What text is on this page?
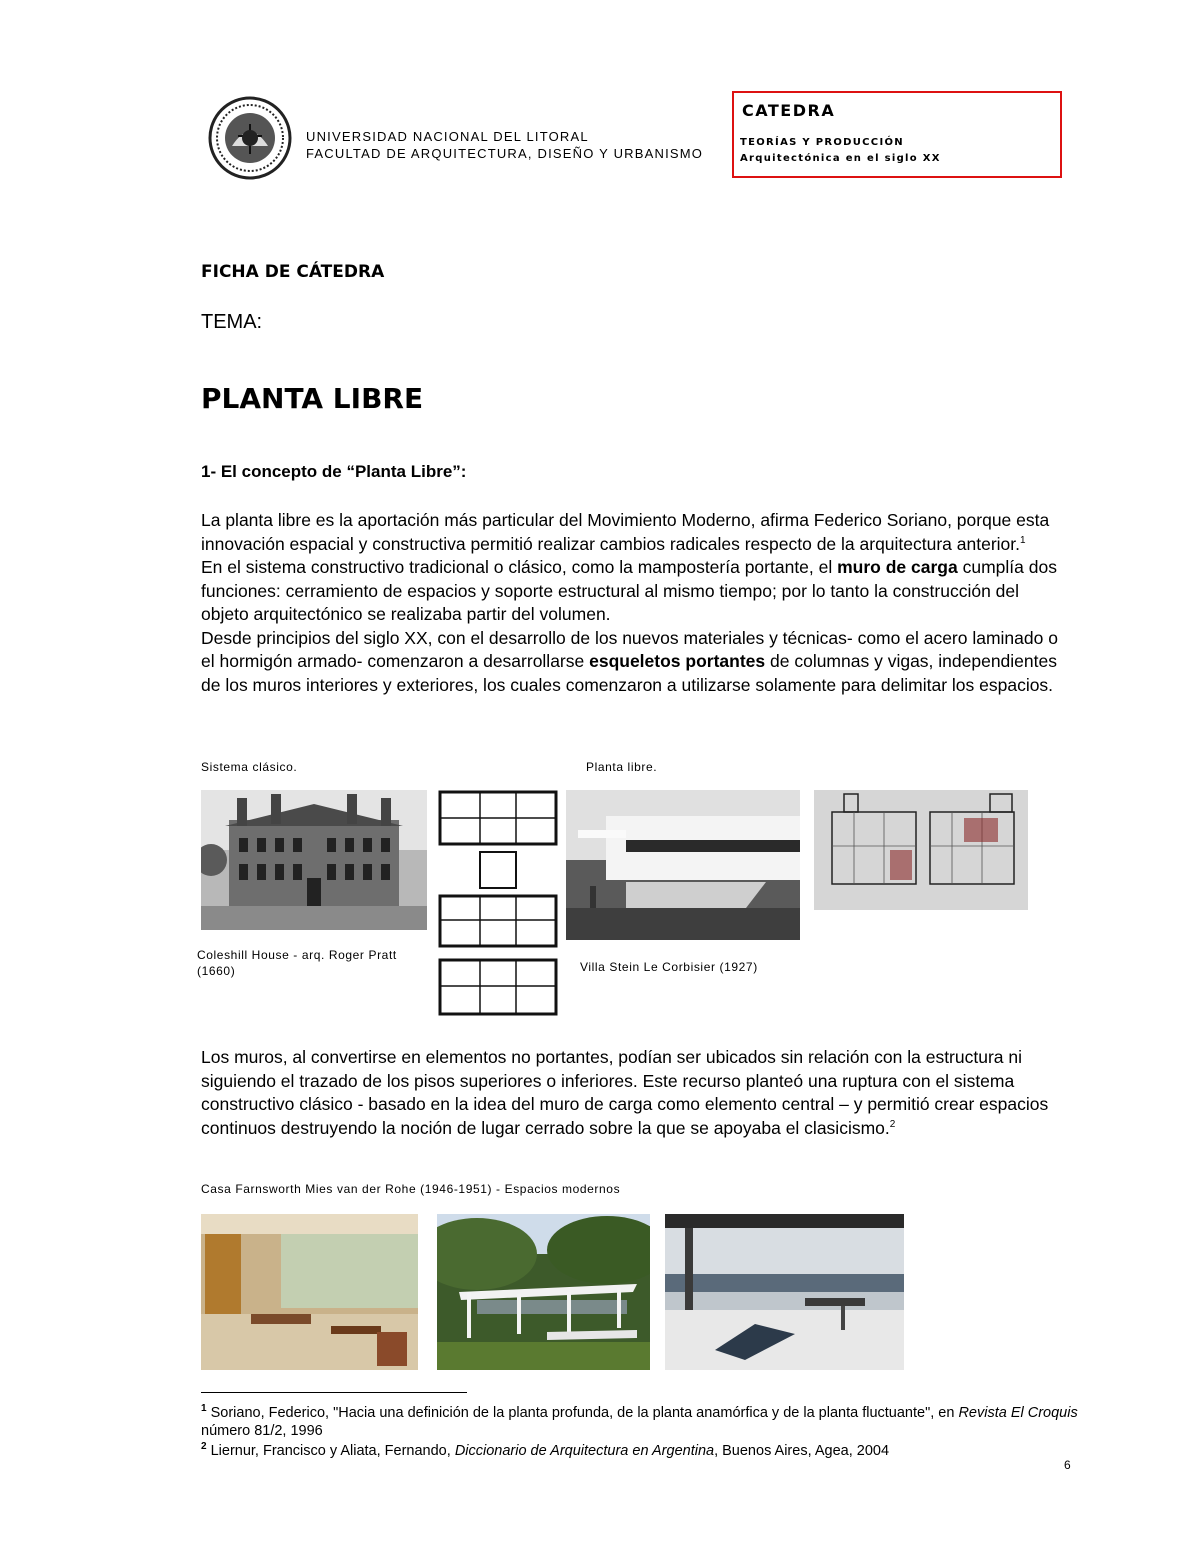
UNIVERSIDAD NACIONAL DEL LITORAL
FACULTAD DE ARQUITECTURA, DISEÑO Y URBANISMO
CATEDRA
TEORÍAS Y PRODUCCIÓN
Arquitectónica en el siglo XX
FICHA DE CÁTEDRA
TEMA:
PLANTA LIBRE
1- El concepto de “Planta Libre”:
La planta libre es la aportación más particular del Movimiento Moderno, afirma Federico Soriano, porque esta innovación espacial y constructiva permitió realizar cambios radicales respecto de la arquitectura anterior.$^1$
En el sistema constructivo tradicional o clásico, como la mampostería portante, el muro de carga cumplía dos funciones: cerramiento de espacios y soporte estructural al mismo tiempo; por lo tanto la construcción del objeto arquitectónico se realizaba partir del volumen.
Desde principios del siglo XX, con el desarrollo de los nuevos materiales y técnicas- como el acero laminado o el hormigón armado- comenzaron a desarrollarse esqueletos portantes de columnas y vigas, independientes de los muros interiores y exteriores, los cuales comenzaron a utilizarse solamente para delimitar los espacios.
Sistema clásico.	Planta libre.
Coleshill House - arq. Roger Pratt (1660)	Villa Stein Le Corbisier (1927)
Los muros, al convertirse en elementos no portantes, podían ser ubicados sin relación con la estructura ni siguiendo el trazado de los pisos superiores o inferiores. Este recurso planteó una ruptura con el sistema constructivo clásico - basado en la idea del muro de carga como elemento central – y permitió crear espacios continuos destruyendo la noción de lugar cerrado sobre la que se apoyaba el clasicismo.$^2$
Casa Farnsworth Mies van der Rohe (1946-1951) - Espacios modernos
$^1$ Soriano, Federico, "Hacia una definición de la planta profunda, de la planta anamórfica y de la planta fluctuante", en Revista El Croquis número 81/2, 1996
$^2$ Liernur, Francisco y Aliata, Fernando, Diccionario de Arquitectura en Argentina, Buenos Aires, Agea, 2004
6
